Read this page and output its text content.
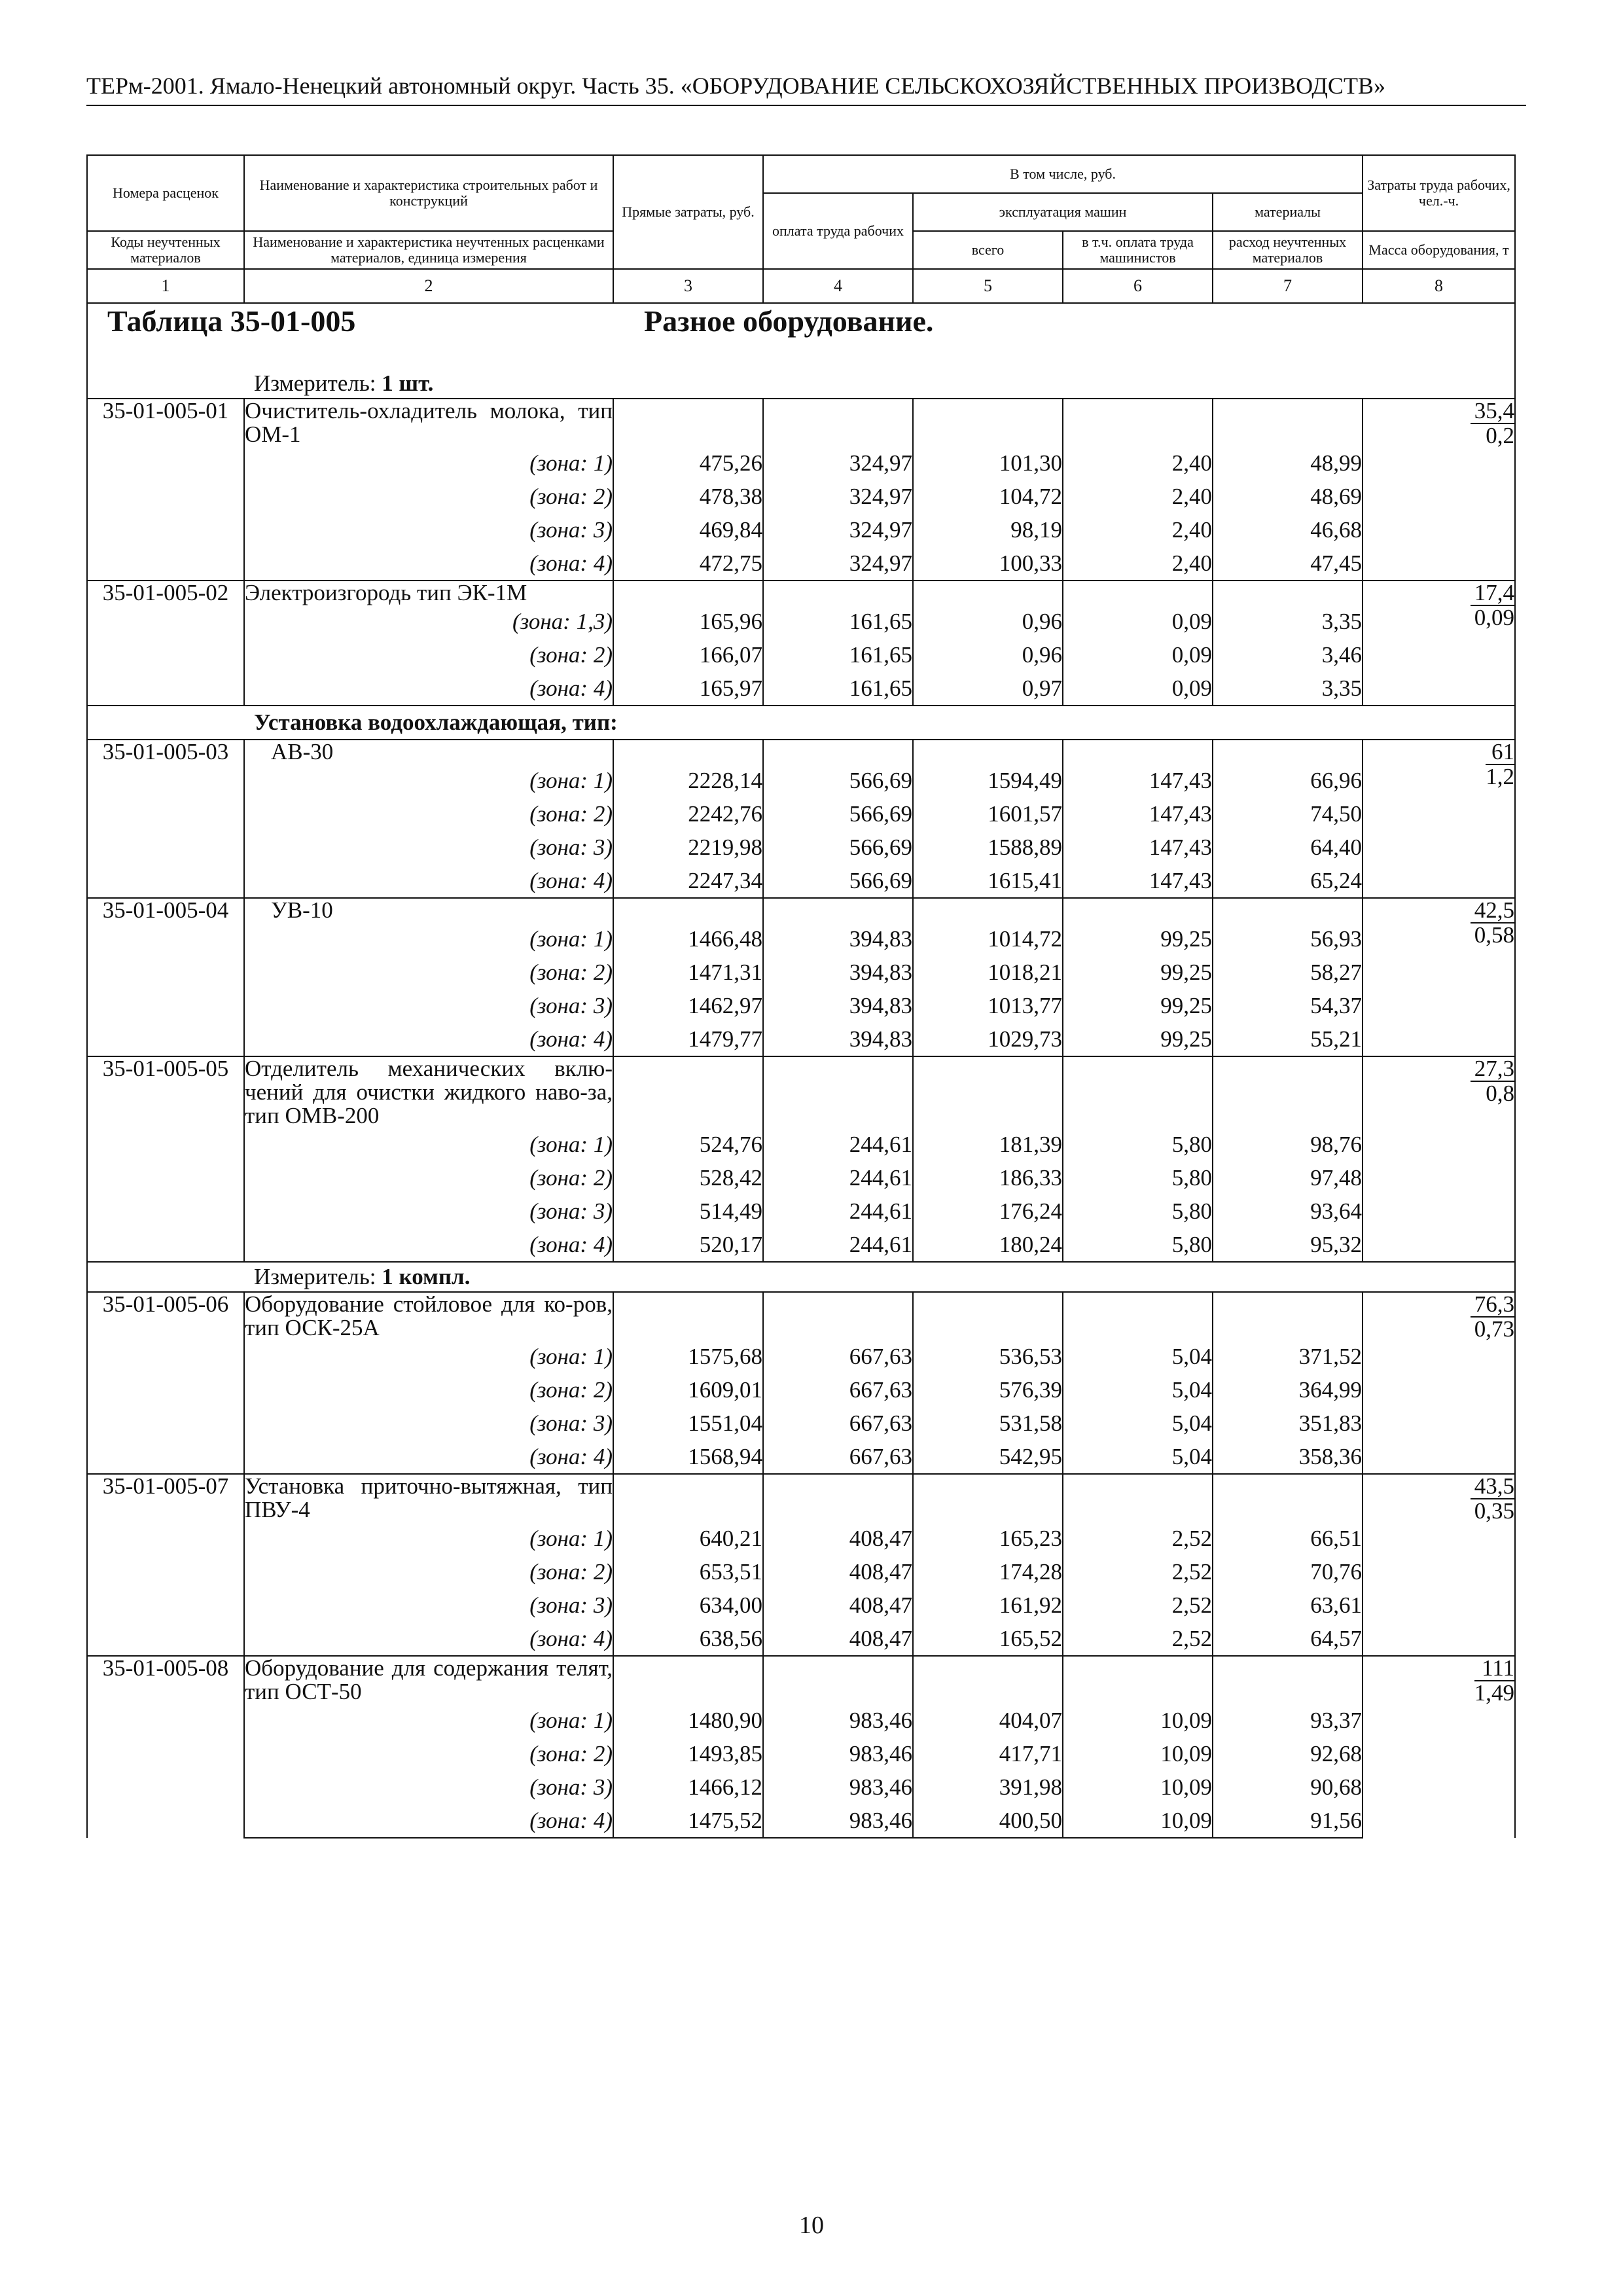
ТЕРм-2001. Ямало-Ненецкий автономный округ. Часть 35. «ОБОРУДОВАНИЕ СЕЛЬСКОХОЗЯЙСТВЕННЫХ ПРОИЗВОДСТВ»
Номера расценок	Наименование и характеристика строительных работ и конструкций	Прямые затраты, руб.	В том числе, руб.				Затраты труда рабочих, чел.-ч.
			оплата труда рабочих	эксплуатация машин		материалы	
Коды неучтенных материалов	Наименование и характеристика неучтенных расценками материалов, единица измерения			всего	в т.ч. оплата труда машинистов	расход неучтенных материалов	Масса оборудования, т
1	2	3	4	5	6	7	8
Таблица 35-01-005 Разное оборудование.							

Измеритель: 1 шт.							

35-01-005-01	Очиститель-охладитель молока, тип ОМ-1						$\frac{35,4}{0,2}$

	(зона: 1)	475,26	324,97	101,30	2,40	48,99	
	(зона: 2)	478,38	324,97	104,72	2,40	48,69	
	(зона: 3)	469,84	324,97	98,19	2,40	46,68	
	(зона: 4)	472,75	324,97	100,33	2,40	47,45	
35-01-005-02	Электроизгородь тип ЭК-1М						$\frac{17,4}{0,09}$

	(зона: 1,3)	165,96	161,65	0,96	0,09	3,35	
	(зона: 2)	166,07	161,65	0,96	0,09	3,46	
	(зона: 4)	165,97	161,65	0,97	0,09	3,35	

Установка водоохлаждающая, тип:							

35-01-005-03	АВ-30						$\frac{61}{1,2}$

	(зона: 1)	2228,14	566,69	1594,49	147,43	66,96	
	(зона: 2)	2242,76	566,69	1601,57	147,43	74,50	
	(зона: 3)	2219,98	566,69	1588,89	147,43	64,40	
	(зона: 4)	2247,34	566,69	1615,41	147,43	65,24	
35-01-005-04	УВ-10						$\frac{42,5}{0,58}$

	(зона: 1)	1466,48	394,83	1014,72	99,25	56,93	
	(зона: 2)	1471,31	394,83	1018,21	99,25	58,27	
	(зона: 3)	1462,97	394,83	1013,77	99,25	54,37	
	(зона: 4)	1479,77	394,83	1029,73	99,25	55,21	
35-01-005-05	Отделитель механических вклю-чений для очистки жидкого наво-за, тип ОМВ-200						$\frac{27,3}{0,8}$

	(зона: 1)	524,76	244,61	181,39	5,80	98,76	
	(зона: 2)	528,42	244,61	186,33	5,80	97,48	
	(зона: 3)	514,49	244,61	176,24	5,80	93,64	
	(зона: 4)	520,17	244,61	180,24	5,80	95,32	

Измеритель: 1 компл.							

35-01-005-06	Оборудование стойловое для ко-ров, тип ОСК-25А						$\frac{76,3}{0,73}$

	(зона: 1)	1575,68	667,63	536,53	5,04	371,52	
	(зона: 2)	1609,01	667,63	576,39	5,04	364,99	
	(зона: 3)	1551,04	667,63	531,58	5,04	351,83	
	(зона: 4)	1568,94	667,63	542,95	5,04	358,36	
35-01-005-07	Установка приточно-вытяжная, тип ПВУ-4						$\frac{43,5}{0,35}$

	(зона: 1)	640,21	408,47	165,23	2,52	66,51	
	(зона: 2)	653,51	408,47	174,28	2,52	70,76	
	(зона: 3)	634,00	408,47	161,92	2,52	63,61	
	(зона: 4)	638,56	408,47	165,52	2,52	64,57	
35-01-005-08	Оборудование для содержания телят, тип ОСТ-50						$\frac{111}{1,49}$

	(зона: 1)	1480,90	983,46	404,07	10,09	93,37	
	(зона: 2)	1493,85	983,46	417,71	10,09	92,68	
	(зона: 3)	1466,12	983,46	391,98	10,09	90,68	
	(зона: 4)	1475,52	983,46	400,50	10,09	91,56	
10
